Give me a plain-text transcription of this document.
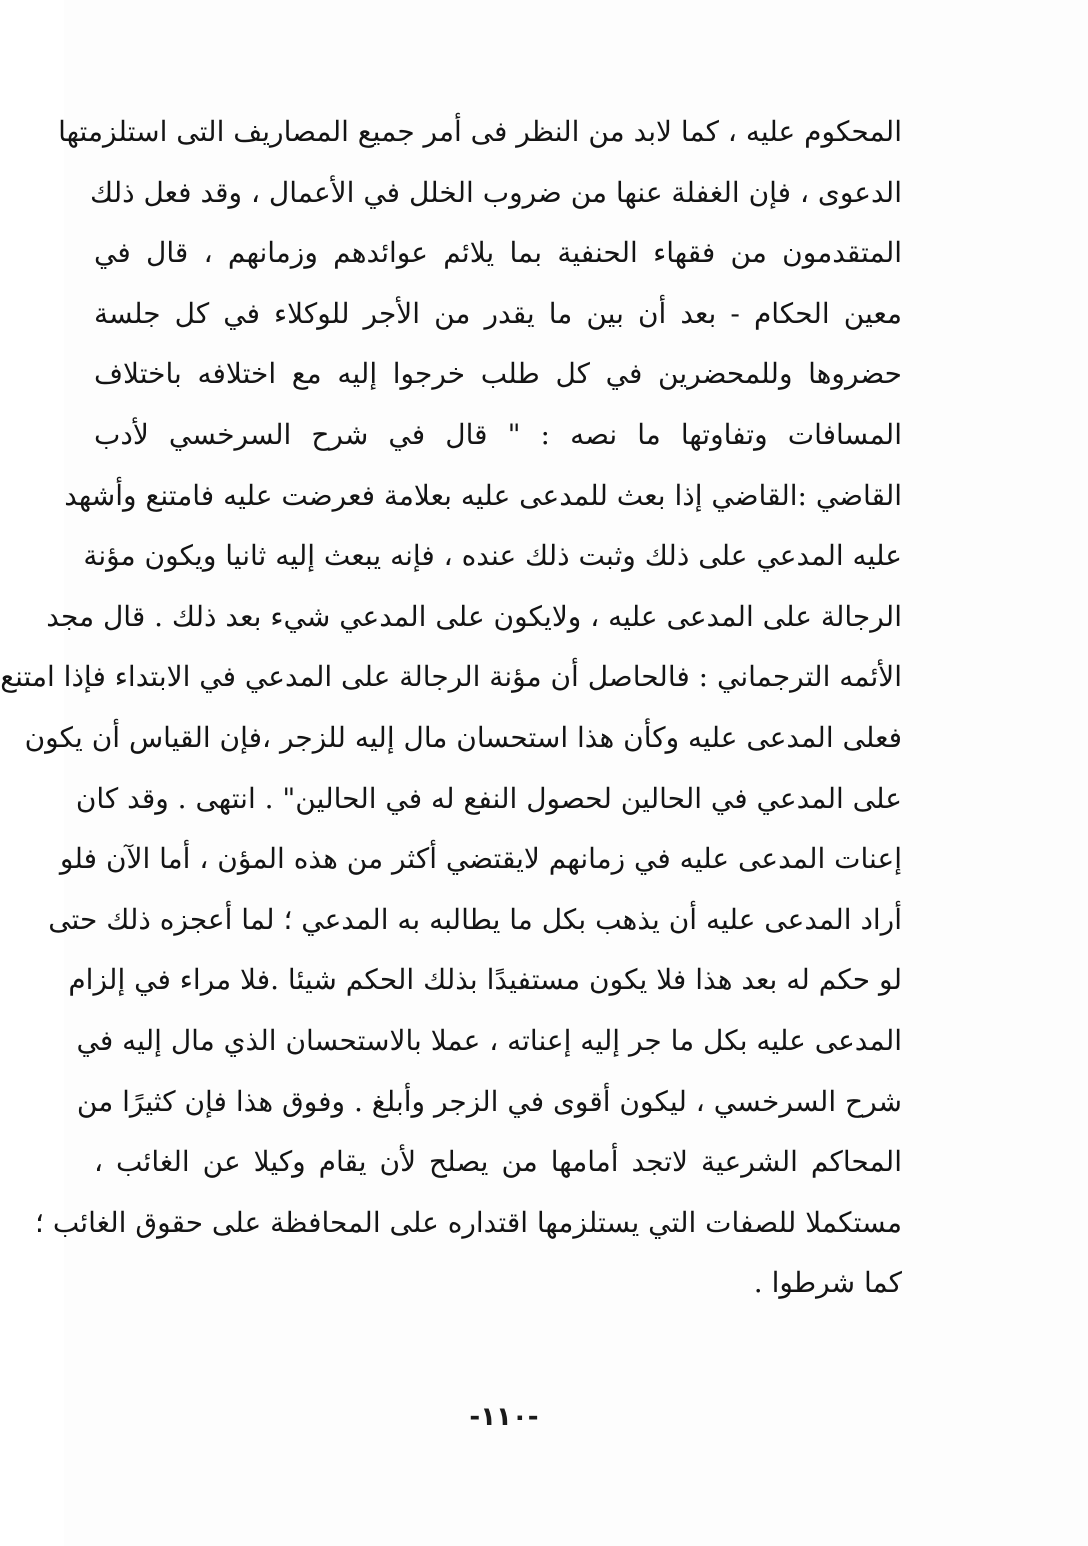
المحكوم عليه ، كما لابد من النظر فى أمر جميع المصاريف التى استلزمتها
الدعوى ، فإن الغفلة عنها من ضروب الخلل في الأعمال ، وقد فعل ذلك
المتقدمون من فقهاء الحنفية بما يلائم عوائدهم وزمانهم ، قال في
معين الحكام - بعد أن بين ما يقدر من الأجر للوكلاء في كل جلسة
حضروها وللمحضرين في كل طلب خرجوا إليه مع اختلافه باختلاف
المسافات وتفاوتها ما نصه : " قال في شرح السرخسي لأدب
القاضي :القاضي إذا بعث للمدعى عليه بعلامة فعرضت عليه فامتنع وأشهد
عليه المدعي على ذلك وثبت ذلك عنده ، فإنه يبعث إليه ثانيا ويكون مؤنة
الرجالة على المدعى عليه ، ولايكون على المدعي شيء بعد ذلك . قال مجد
الأئمه الترجماني : فالحاصل أن مؤنة الرجالة على المدعي في الابتداء فإذا امتنع
فعلى المدعى عليه وكأن هذا استحسان مال إليه للزجر ،فإن القياس أن يكون
على المدعي في الحالين لحصول النفع له في الحالين" . انتهى . وقد كان
إعنات المدعى عليه في زمانهم لايقتضي أكثر من هذه المؤن ، أما الآن فلو
أراد المدعى عليه أن يذهب بكل ما يطالبه به المدعي ؛ لما أعجزه ذلك حتى
لو حكم له بعد هذا فلا يكون مستفيدًا بذلك الحكم شيئا .فلا مراء في إلزام
المدعى عليه بكل ما جر إليه إعناته ، عملا بالاستحسان الذي مال إليه في
شرح السرخسي ، ليكون أقوى في الزجر وأبلغ . وفوق هذا فإن كثيرًا من
المحاكم الشرعية لاتجد أمامها من يصلح لأن يقام وكيلا عن الغائب ،
مستكملا للصفات التي يستلزمها اقتداره على المحافظة على حقوق الغائب ؛
كما شرطوا .
-١١٠-
